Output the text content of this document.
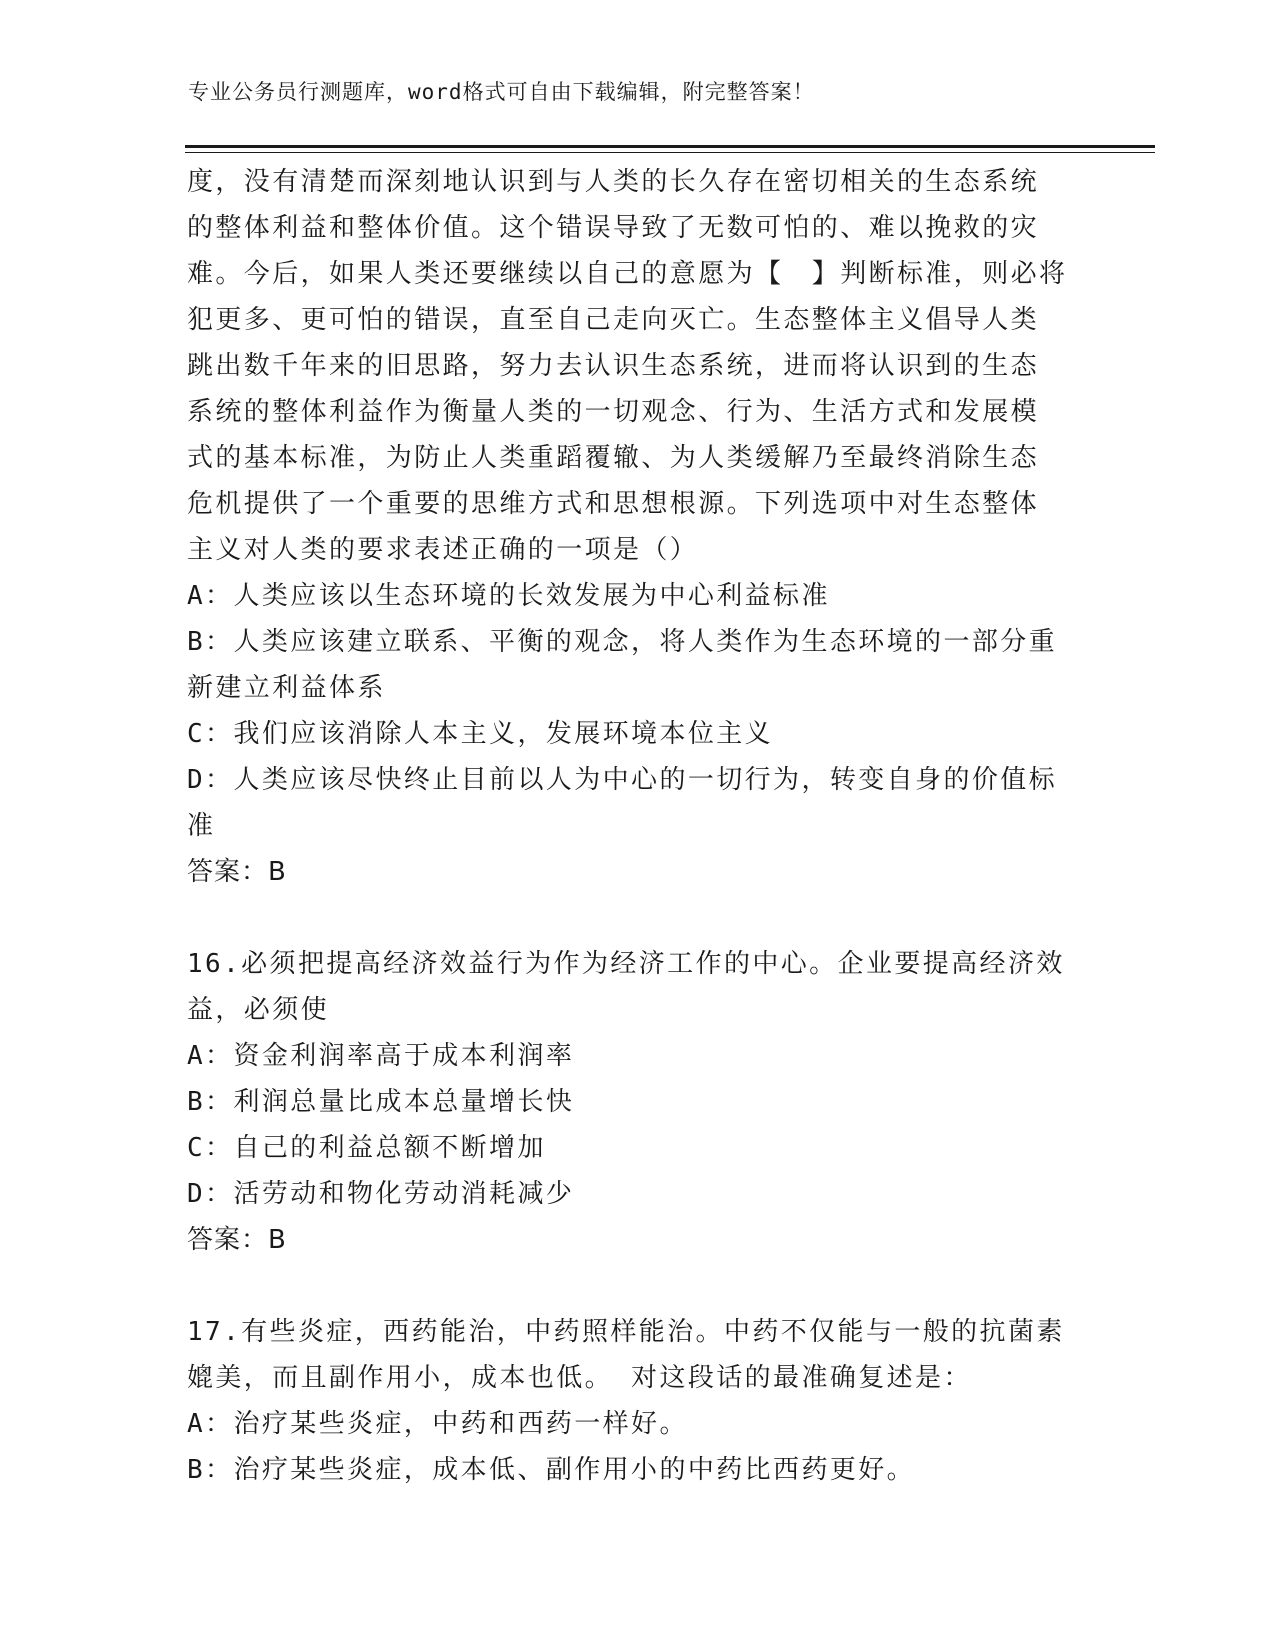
专业公务员行测题库，word格式可自由下载编辑，附完整答案！
度，没有清楚而深刻地认识到与人类的长久存在密切相关的生态系统
的整体利益和整体价值。这个错误导致了无数可怕的、难以挽救的灾
难。今后，如果人类还要继续以自己的意愿为【　】判断标准，则必将
犯更多、更可怕的错误，直至自己走向灭亡。生态整体主义倡导人类
跳出数千年来的旧思路，努力去认识生态系统，进而将认识到的生态
系统的整体利益作为衡量人类的一切观念、行为、生活方式和发展模
式的基本标准，为防止人类重蹈覆辙、为人类缓解乃至最终消除生态
危机提供了一个重要的思维方式和思想根源。下列选项中对生态整体
主义对人类的要求表述正确的一项是（）
A：人类应该以生态环境的长效发展为中心利益标准
B：人类应该建立联系、平衡的观念，将人类作为生态环境的一部分重
新建立利益体系
C：我们应该消除人本主义，发展环境本位主义
D：人类应该尽快终止目前以人为中心的一切行为，转变自身的价值标
准
答案：B
16.必须把提高经济效益行为作为经济工作的中心。企业要提高经济效
益，必须使
A：资金利润率高于成本利润率
B：利润总量比成本总量增长快
C：自己的利益总额不断增加
D：活劳动和物化劳动消耗减少
答案：B
17.有些炎症，西药能治，中药照样能治。中药不仅能与一般的抗菌素
媲美，而且副作用小，成本也低。 对这段话的最准确复述是：
A：治疗某些炎症，中药和西药一样好。
B：治疗某些炎症，成本低、副作用小的中药比西药更好。
